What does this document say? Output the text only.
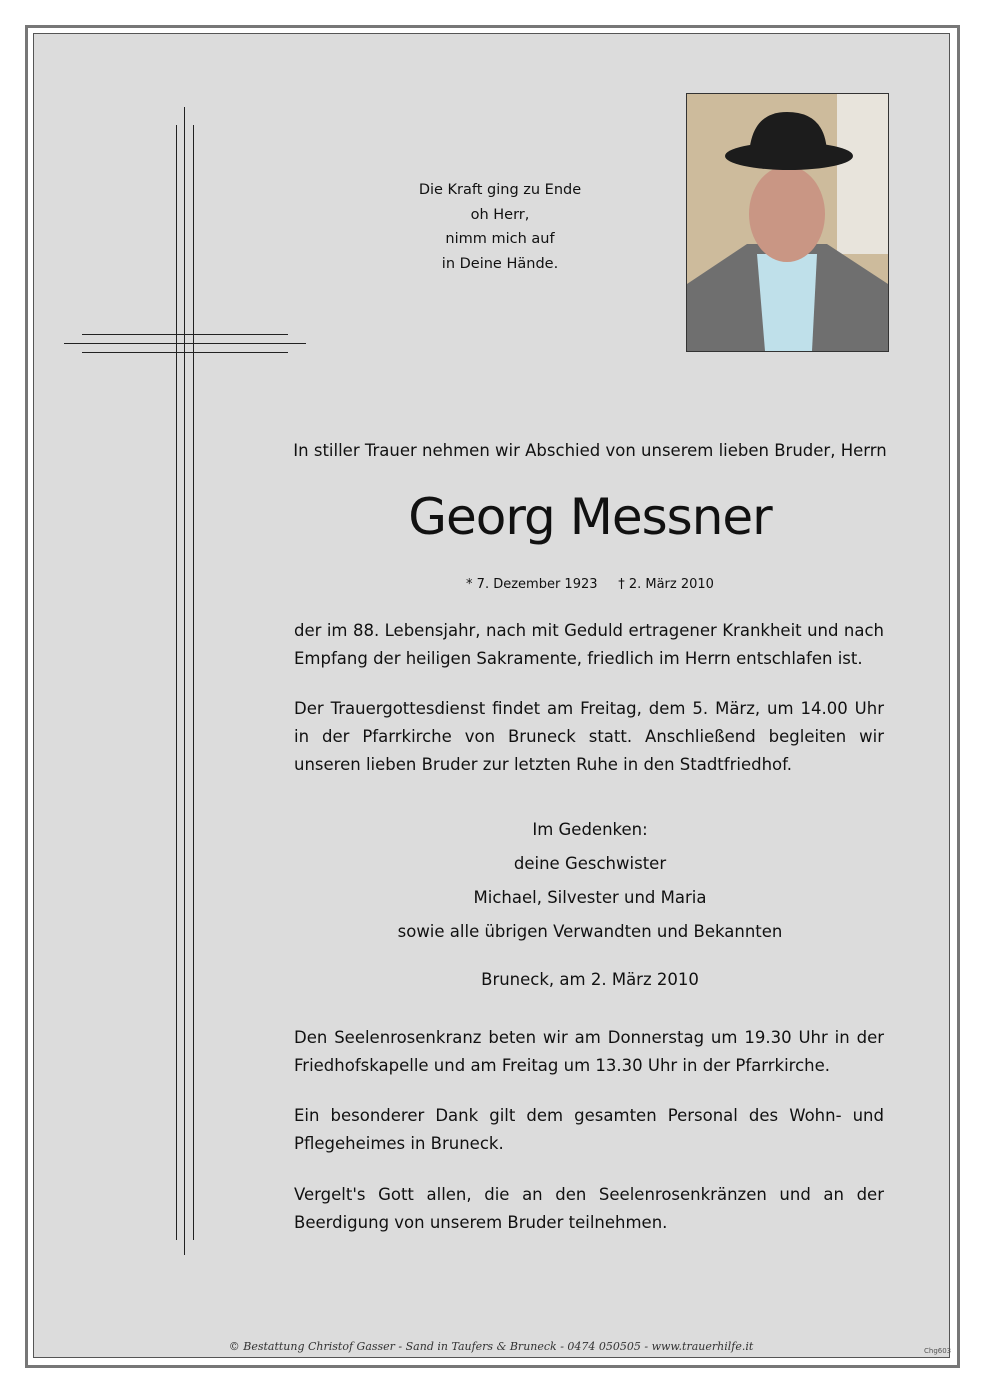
Die Kraft ging zu Ende
oh Herr,
nimm mich auf
in Deine Hände.
In stiller Trauer nehmen wir Abschied von unserem lieben Bruder, Herrn
Georg Messner
* 7. Dezember 1923 † 2. März 2010
der im 88. Lebensjahr, nach mit Geduld ertragener Krankheit und nach Empfang der heiligen Sakramente, friedlich im Herrn entschlafen ist.
Der Trauergottesdienst findet am Freitag, dem 5. März, um 14.00 Uhr in der Pfarrkirche von Bruneck statt. Anschließend begleiten wir unseren lieben Bruder zur letzten Ruhe in den Stadtfriedhof.
Im Gedenken:
deine Geschwister
Michael, Silvester und Maria
sowie alle übrigen Verwandten und Bekannten
Bruneck, am 2. März 2010
Den Seelenrosenkranz beten wir am Donnerstag um 19.30 Uhr in der Friedhofskapelle und am Freitag um 13.30 Uhr in der Pfarrkirche.
Ein besonderer Dank gilt dem gesamten Personal des Wohn- und Pflegeheimes in Bruneck.
Vergelt's Gott allen, die an den Seelenrosenkränzen und an der Beerdigung von unserem Bruder teilnehmen.
© Bestattung Christof Gasser - Sand in Taufers & Bruneck - 0474 050505 - www.trauerhilfe.it	Chg603
